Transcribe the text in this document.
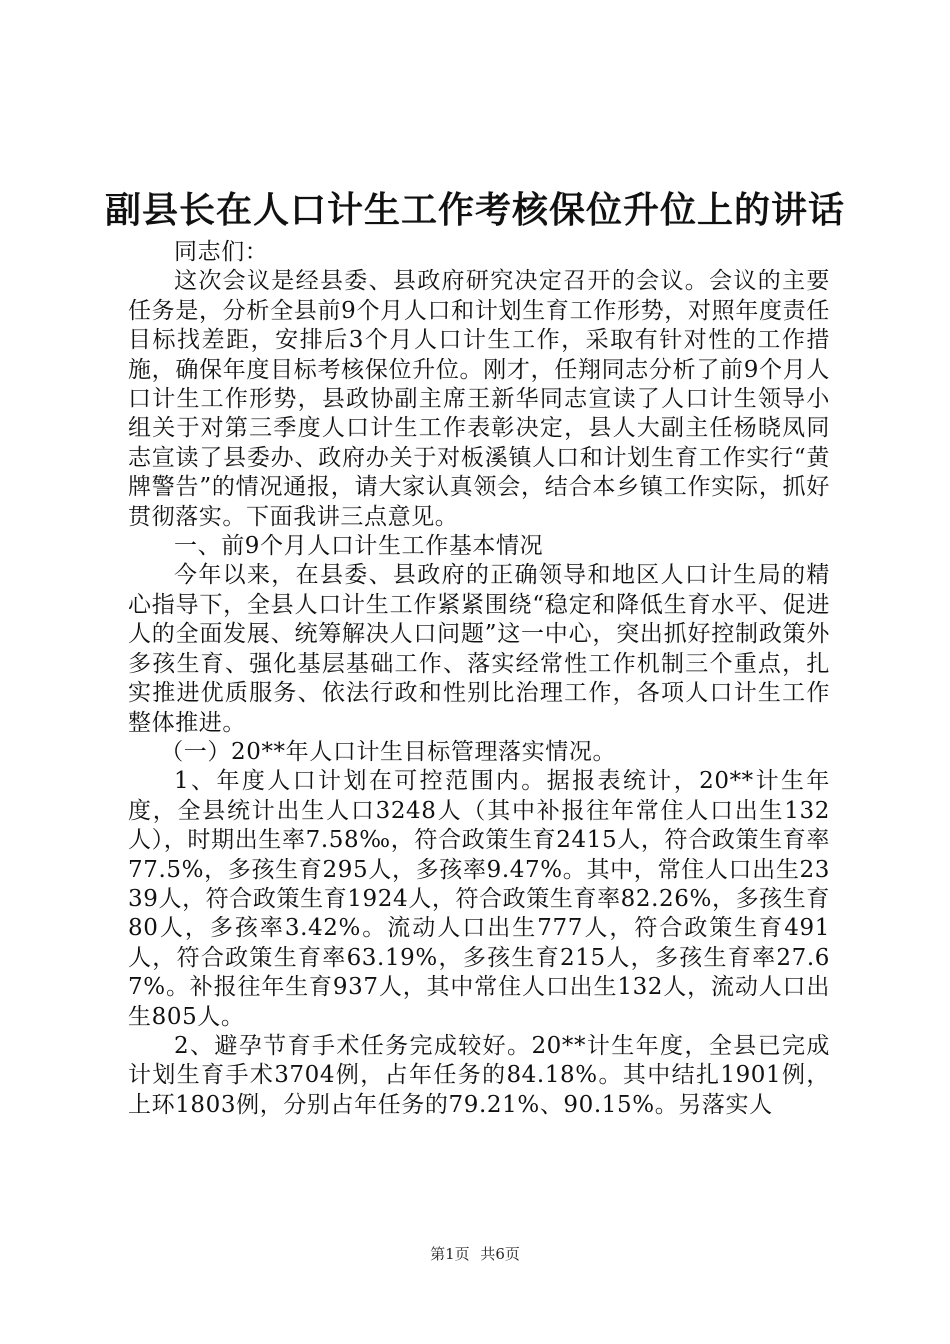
副县长在人口计生工作考核保位升位上的讲话

同志们：

这次会议是经县委、县政府研究决定召开的会议。会议的主要任务是，分析全县前9个月人口和计划生育工作形势，对照年度责任目标找差距，安排后3个月人口计生工作，采取有针对性的工作措施，确保年度目标考核保位升位。刚才，任翔同志分析了前9个月人口计生工作形势，县政协副主席王新华同志宣读了人口计生领导小组关于对第三季度人口计生工作表彰决定，县人大副主任杨晓凤同志宣读了县委办、政府办关于对板溪镇人口和计划生育工作实行“黄牌警告”的情况通报，请大家认真领会，结合本乡镇工作实际，抓好贯彻落实。下面我讲三点意见。

一、前9个月人口计生工作基本情况

今年以来，在县委、县政府的正确领导和地区人口计生局的精心指导下，全县人口计生工作紧紧围绕“稳定和降低生育水平、促进人的全面发展、统筹解决人口问题”这一中心，突出抓好控制政策外多孩生育、强化基层基础工作、落实经常性工作机制三个重点，扎实推进优质服务、依法行政和性别比治理工作，各项人口计生工作整体推进。

（一）20**年人口计生目标管理落实情况。

1、年度人口计划在可控范围内。据报表统计，20**计生年度，全县统计出生人口3248人（其中补报往年常住人口出生132人），时期出生率7.58‰，符合政策生育2415人，符合政策生育率77.5%，多孩生育295人，多孩率9.47%。其中，常住人口出生2339人，符合政策生育1924人，符合政策生育率82.26%，多孩生育80人，多孩率3.42%。流动人口出生777人，符合政策生育491人，符合政策生育率63.19%，多孩生育215人，多孩生育率27.67%。补报往年生育937人，其中常住人口出生132人，流动人口出生805人。

2、避孕节育手术任务完成较好。20**计生年度，全县已完成计划生育手术3704例，占年任务的84.18%。其中结扎1901例，上环1803例，分别占年任务的79.21%、90.15%。另落实人

第1页 共6页
